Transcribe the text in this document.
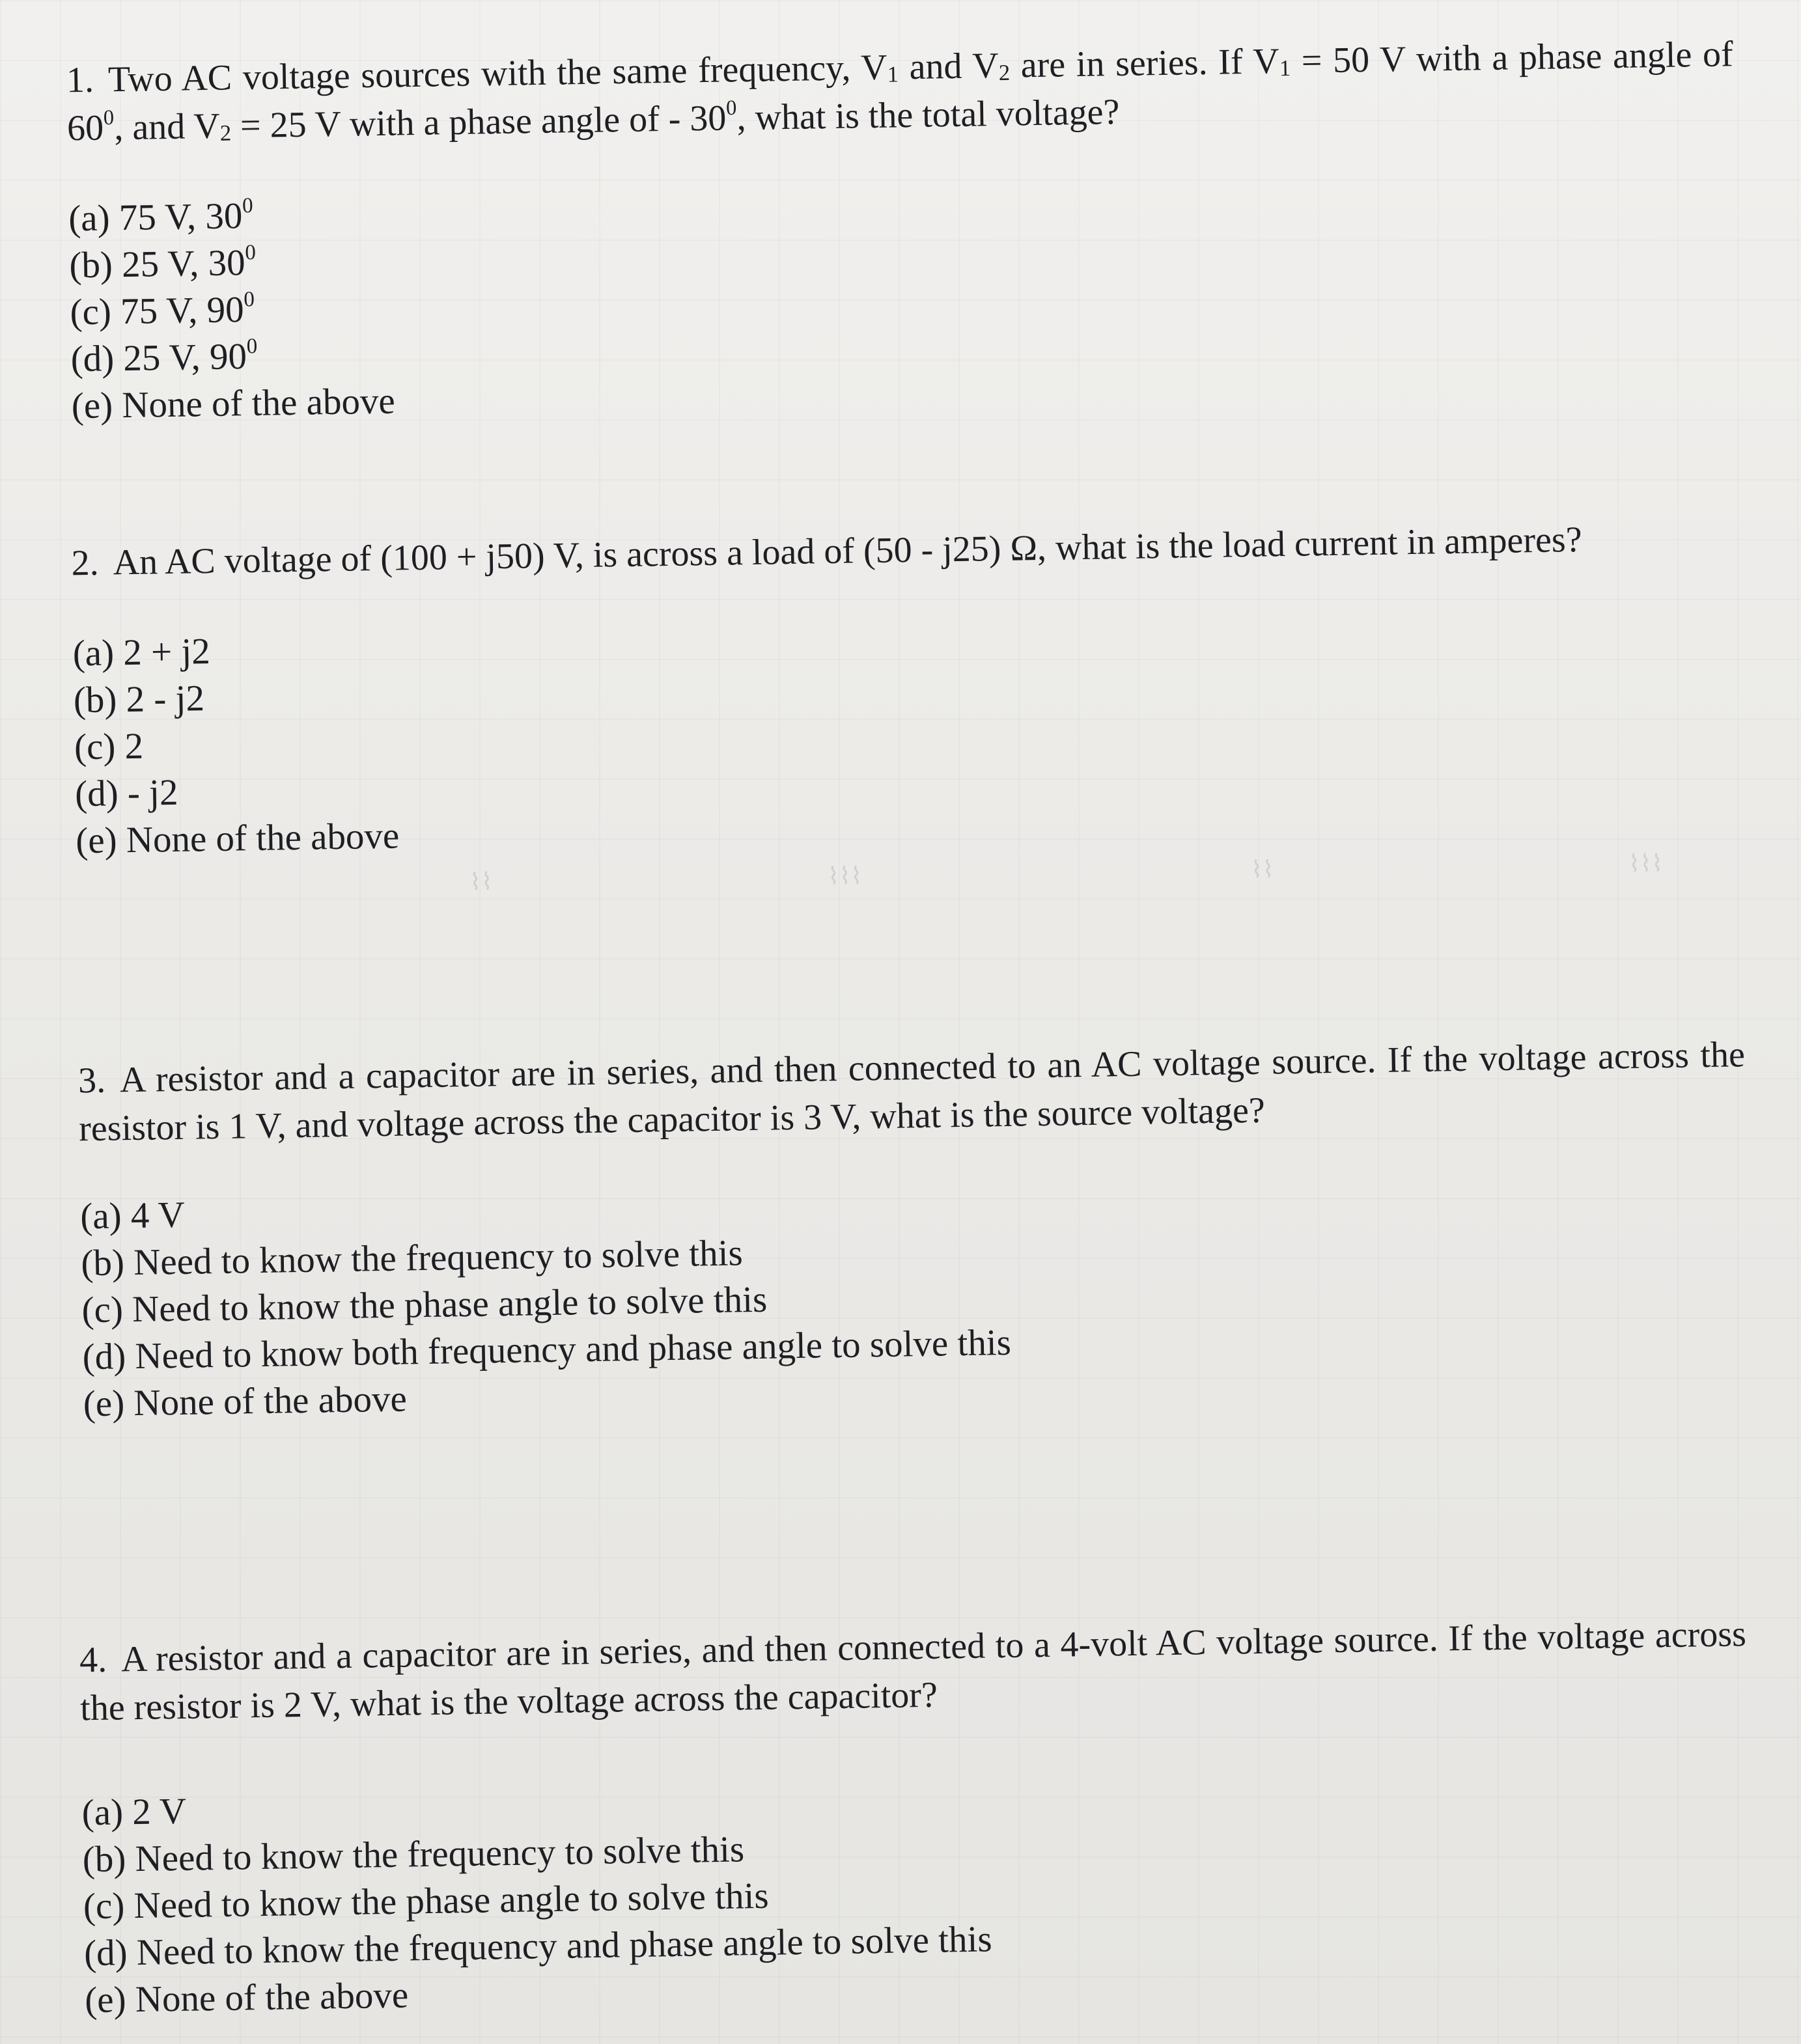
⌇⌇	⌇⌇⌇	⌇⌇	⌇⌇⌇

1. Two AC voltage sources with the same frequency, V1 and V2 are in series. If V1 = 50 V with a phase angle of $60^0$, and V2 = 25 V with a phase angle of - $30^0$, what is the total voltage?

(a) 75 V, $30^0$
(b) 25 V, $30^0$
(c) 75 V, $90^0$
(d) 25 V, $90^0$
(e) None of the above

2. An AC voltage of (100 + j50) V, is across a load of (50 - j25) Ω, what is the load current in amperes?

(a) 2 + j2
(b) 2 - j2
(c) 2
(d) - j2
(e) None of the above

3. A resistor and a capacitor are in series, and then connected to an AC voltage source. If the voltage across the resistor is 1 V, and voltage across the capacitor is 3 V, what is the source voltage?

(a) 4 V
(b) Need to know the frequency to solve this
(c) Need to know the phase angle to solve this
(d) Need to know both frequency and phase angle to solve this
(e) None of the above

4. A resistor and a capacitor are in series, and then connected to a 4-volt AC voltage source. If the voltage across the resistor is 2 V, what is the voltage across the capacitor?

(a) 2 V
(b) Need to know the frequency to solve this
(c) Need to know the phase angle to solve this
(d) Need to know the frequency and phase angle to solve this
(e) None of the above
